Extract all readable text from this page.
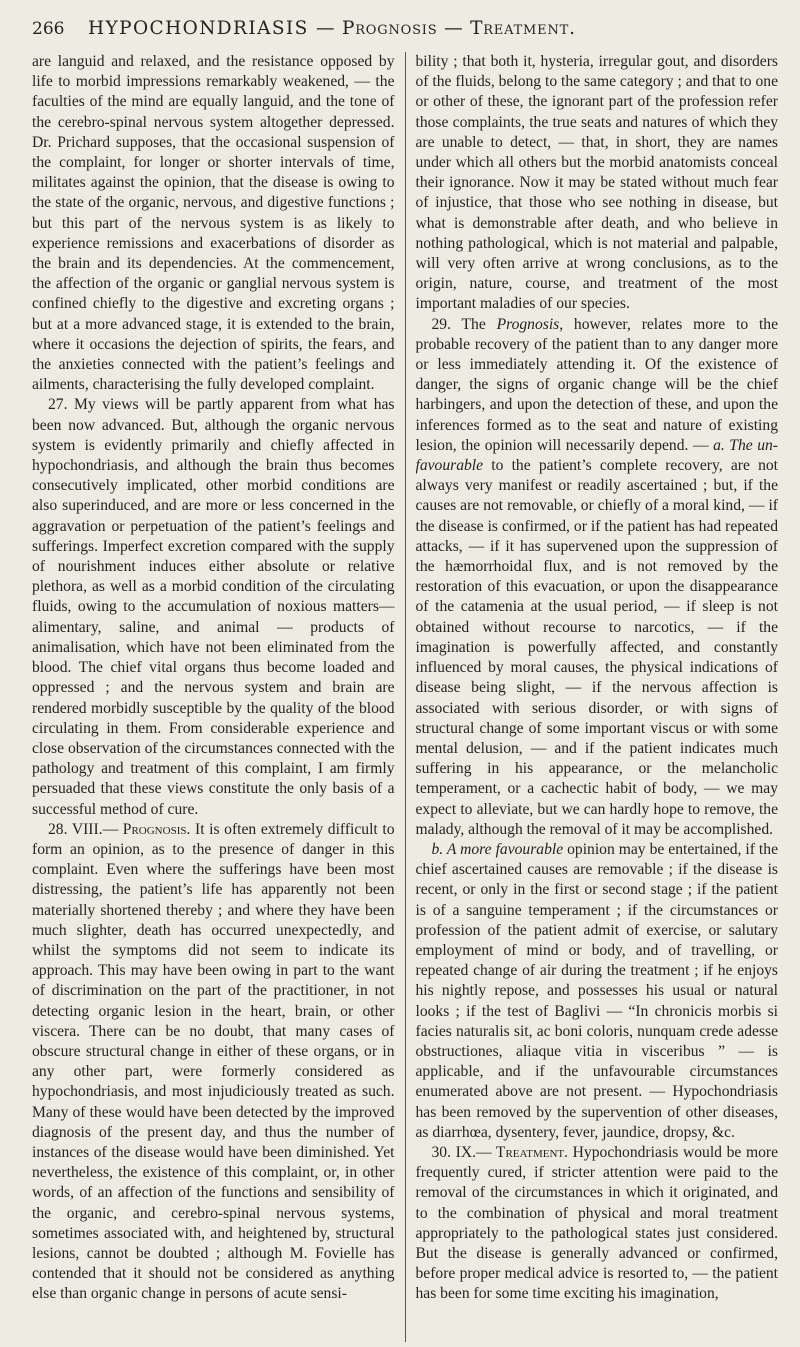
266	HYPOCHONDRIASIS — Prognosis — Treatment.

are languid and relaxed, and the resistance opposed by life to morbid impressions remarkably weakened, — the faculties of the mind are equally languid, and the tone of the cerebro-spinal nervous system altogether depressed. Dr. Prichard supposes, that the occasional suspension of the complaint, for longer or shorter intervals of time, militates against the opinion, that the disease is owing to the state of the organic, nervous, and digestive functions ; but this part of the nervous system is as likely to experience remissions and exacerbations of disorder as the brain and its dependencies. At the commencement, the affection of the organic or ganglial nervous system is confined chiefly to the digestive and excreting organs ; but at a more advanced stage, it is extended to the brain, where it occasions the dejection of spirits, the fears, and the anxieties connected with the patient’s feelings and ailments, characterising the fully developed complaint.

27. My views will be partly apparent from what has been now advanced. But, although the organic nervous system is evidently primarily and chiefly affected in hypochondriasis, and although the brain thus becomes consecutively implicated, other morbid conditions are also superinduced, and are more or less concerned in the aggravation or perpetuation of the patient’s feelings and sufferings. Imperfect excretion compared with the supply of nourishment induces either absolute or relative plethora, as well as a morbid condition of the circulating fluids, owing to the accumulation of noxious matters— alimentary, saline, and animal — products of animalisation, which have not been eliminated from the blood. The chief vital organs thus become loaded and oppressed ; and the nervous system and brain are rendered morbidly susceptible by the quality of the blood circulating in them. From considerable experience and close observation of the circumstances connected with the pathology and treatment of this complaint, I am firmly persuaded that these views constitute the only basis of a successful method of cure.

28. VIII.— Prognosis. It is often extremely difficult to form an opinion, as to the presence of danger in this complaint. Even where the sufferings have been most distressing, the patient’s life has apparently not been materially shortened thereby ; and where they have been much slighter, death has occurred unexpectedly, and whilst the symptoms did not seem to indicate its approach. This may have been owing in part to the want of discrimination on the part of the practitioner, in not detecting organic lesion in the heart, brain, or other viscera. There can be no doubt, that many cases of obscure structural change in either of these organs, or in any other part, were formerly considered as hypochondriasis, and most injudiciously treated as such. Many of these would have been detected by the improved diagnosis of the present day, and thus the number of instances of the disease would have been diminished. Yet nevertheless, the existence of this complaint, or, in other words, of an affection of the functions and sensibility of the organic, and cerebro-spinal nervous systems, sometimes associated with, and heightened by, structural lesions, cannot be doubted ; although M. Fovielle has contended that it should not be considered as anything else than organic change in persons of acute sensi-

bility ; that both it, hysteria, irregular gout, and disorders of the fluids, belong to the same category ; and that to one or other of these, the ignorant part of the profession refer those complaints, the true seats and natures of which they are unable to detect, — that, in short, they are names under which all others but the morbid anatomists conceal their ignorance. Now it may be stated without much fear of injustice, that those who see nothing in disease, but what is demonstrable after death, and who believe in nothing pathological, which is not material and palpable, will very often arrive at wrong conclusions, as to the origin, nature, course, and treatment of the most important maladies of our species.

29. The Prognosis, however, relates more to the probable recovery of the patient than to any danger more or less immediately attending it. Of the existence of danger, the signs of organic change will be the chief harbingers, and upon the detection of these, and upon the inferences formed as to the seat and nature of existing lesion, the opinion will necessarily depend. — a. The un-favourable to the patient’s complete recovery, are not always very manifest or readily ascertained ; but, if the causes are not removable, or chiefly of a moral kind, — if the disease is confirmed, or if the patient has had repeated attacks, — if it has supervened upon the suppression of the hæmorrhoidal flux, and is not removed by the restoration of this evacuation, or upon the disappearance of the catamenia at the usual period, — if sleep is not obtained without recourse to narcotics, — if the imagination is powerfully affected, and constantly influenced by moral causes, the physical indications of disease being slight, — if the nervous affection is associated with serious disorder, or with signs of structural change of some important viscus or with some mental delusion, — and if the patient indicates much suffering in his appearance, or the melancholic temperament, or a cachectic habit of body, — we may expect to alleviate, but we can hardly hope to remove, the malady, although the removal of it may be accomplished.

b. A more favourable opinion may be entertained, if the chief ascertained causes are removable ; if the disease is recent, or only in the first or second stage ; if the patient is of a sanguine temperament ; if the circumstances or profession of the patient admit of exercise, or salutary employment of mind or body, and of travelling, or repeated change of air during the treatment ; if he enjoys his nightly repose, and possesses his usual or natural looks ; if the test of Baglivi — “In chronicis morbis si facies naturalis sit, ac boni coloris, nunquam crede adesse obstructiones, aliaque vitia in visceribus ” — is applicable, and if the unfavourable circumstances enumerated above are not present. — Hypochondriasis has been removed by the supervention of other diseases, as diarrhœa, dysentery, fever, jaundice, dropsy, &c.

30. IX.— Treatment. Hypochondriasis would be more frequently cured, if stricter attention were paid to the removal of the circumstances in which it originated, and to the combination of physical and moral treatment appropriately to the pathological states just considered. But the disease is generally advanced or confirmed, before proper medical advice is resorted to, — the patient has been for some time exciting his imagination,
